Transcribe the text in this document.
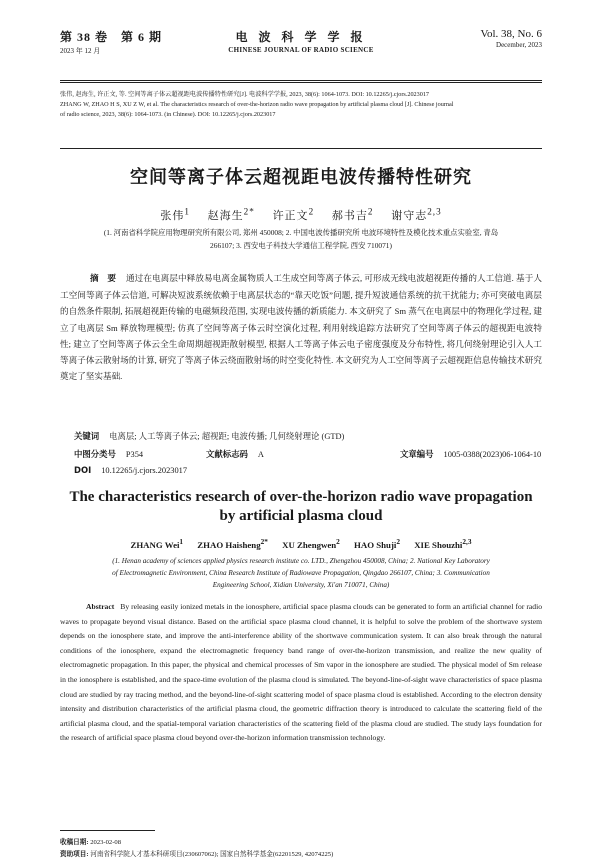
第 38 卷　第 6 期
2023 年 12 月
电 波 科 学 学 报
CHINESE JOURNAL OF RADIO SCIENCE
Vol. 38, No. 6
December, 2023
张伟, 赵海生, 许正文, 等. 空间等离子体云超视距电波传播特性研究[J]. 电波科学学报, 2023, 38(6): 1064-1073. DOI: 10.12265/j.cjors.2023017
ZHANG W, ZHAO H S, XU Z W, et al. The characteristics research of over-the-horizon radio wave propagation by artificial plasma cloud [J]. Chinese journal
of radio science, 2023, 38(6): 1064-1073. (in Chinese). DOI: 10.12265/j.cjors.2023017
空间等离子体云超视距电波传播特性研究
张伟$^1$ 赵海生$^{2*}$ 许正文$^2$ 郝书吉$^2$ 谢守志$^{2,3}$
(1. 河南省科学院应用物理研究所有限公司, 郑州 450008; 2. 中国电波传播研究所 电波环境特性及模化技术重点实验室, 青岛
266107; 3. 西安电子科技大学通信工程学院, 西安 710071)
摘　要 通过在电离层中释放易电离金属物质人工生成空间等离子体云, 可形成无线电波超视距传播的人工信道. 基于人工空间等离子体云信道, 可解决短波系统依赖于电离层状态的“靠天吃饭”问题, 提升短波通信系统的抗干扰能力; 亦可突破电离层的自然条件限制, 拓展超视距传输的电磁频段范围, 实现电波传播的新质能力. 本文研究了 Sm 蒸气在电离层中的物理化学过程, 建立了电离层 Sm 释放物理模型; 仿真了空间等离子体云时空演化过程, 利用射线追踪方法研究了空间等离子体云的超视距电波特性; 建立了空间等离子体云全生命周期超视距散射模型, 根据人工等离子体云电子密度强度及分布特性, 将几何绕射理论引入人工等离子体云散射场的计算, 研究了等离子体云绕面散射场的时空变化特性. 本文研究为人工空间等离子云超视距信息传输技术研究奠定了坚实基础.
关键词 电离层; 人工等离子体云; 超视距; 电波传播; 几何绕射理论 (GTD)
中图分类号 P354	文献标志码 A	文章编号 1005-0388(2023)06-1064-10
DOI 10.12265/j.cjors.2023017
The characteristics research of over-the-horizon radio wave propagation by artificial plasma cloud
ZHANG Wei$^1$ ZHAO Haisheng$^{2*}$ XU Zhengwen$^2$ HAO Shuji$^2$ XIE Shouzhi$^{2,3}$
(1. Henan academy of sciences applied physics research institute co. LTD., Zhengzhou 450008, China; 2. National Key Laboratory
of Electromagnetic Environment, China Research Institute of Radiowave Propagation, Qingdao 266107, China; 3. Communication
Engineering School, Xidian University, Xi'an 710071, China)
Abstract By releasing easily ionized metals in the ionosphere, artificial space plasma clouds can be generated to form an artificial channel for radio waves to propagate beyond visual distance. Based on the artificial space plasma cloud channel, it is helpful to solve the problem of the shortwave system depends on the ionosphere state, and improve the anti-interference ability of the shortwave communication system. It can also break through the natural conditions of the ionosphere, expand the electromagnetic frequency band range of over-the-horizon transmission, and realize the new quality of electromagnetic propagation. In this paper, the physical and chemical processes of Sm vapor in the ionosphere are studied. The physical model of Sm release in the ionosphere is established, and the space-time evolution of the plasma cloud is simulated. The beyond-line-of-sight wave characteristics of space plasma cloud are studied by ray tracing method, and the beyond-line-of-sight scattering model of space plasma cloud is established. According to the electron density intensity and distribution characteristics of the artificial plasma cloud, the geometric diffraction theory is introduced to calculate the scattering field of the artificial plasma cloud, and the spatial-temporal variation characteristics of the scattering field of the plasma cloud are studied. The study lays foundation for the research of artificial space plasma cloud beyond over-the-horizon information transmission technology.
收稿日期: 2023-02-08
资助项目: 河南省科学院人才基本科研项目(230607062); 国家自然科学基金(62201529, 42074225)
